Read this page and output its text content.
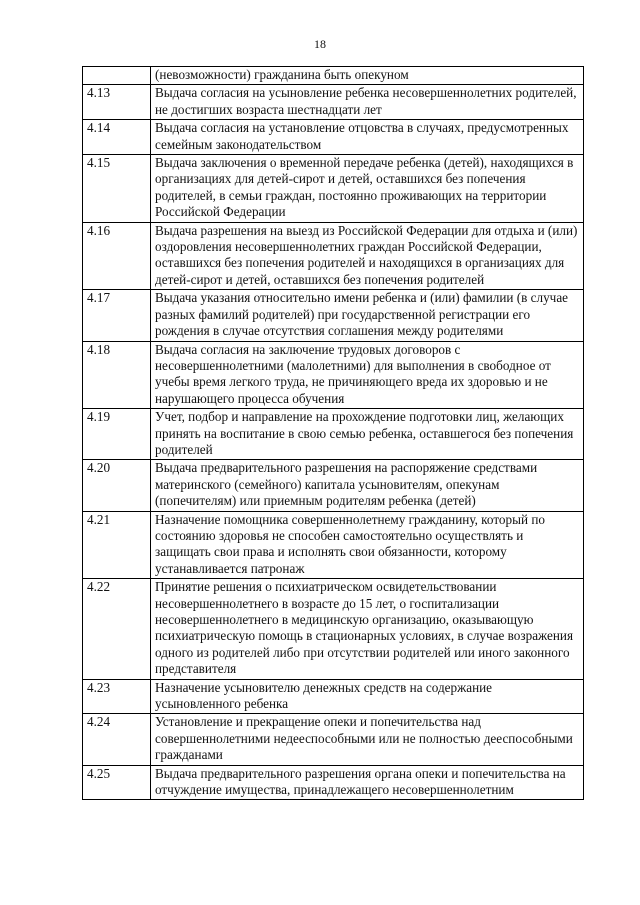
18
	(невозможности) гражданина быть опекуном
4.13	Выдача согласия на усыновление ребенка несовершеннолетних родителей, не достигших возраста шестнадцати лет
4.14	Выдача согласия на установление отцовства в случаях, предусмотренных семейным законодательством
4.15	Выдача заключения о временной передаче ребенка (детей), находящихся в организациях для детей-сирот и детей, оставшихся без попечения родителей, в семьи граждан, постоянно проживающих на территории Российской Федерации
4.16	Выдача разрешения на выезд из Российской Федерации для отдыха и (или) оздоровления несовершеннолетних граждан Российской Федерации, оставшихся без попечения родителей и находящихся в организациях для детей-сирот и детей, оставшихся без попечения родителей
4.17	Выдача указания относительно имени ребенка и (или) фамилии (в случае разных фамилий родителей) при государственной регистрации его рождения в случае отсутствия соглашения между родителями
4.18	Выдача согласия на заключение трудовых договоров с несовершеннолетними (малолетними) для выполнения в свободное от учебы время легкого труда, не причиняющего вреда их здоровью и не нарушающего процесса обучения
4.19	Учет, подбор и направление на прохождение подготовки лиц, желающих принять на воспитание в свою семью ребенка, оставшегося без попечения родителей
4.20	Выдача предварительного разрешения на распоряжение средствами материнского (семейного) капитала усыновителям, опекунам (попечителям) или приемным родителям ребенка (детей)
4.21	Назначение помощника совершеннолетнему гражданину, который по состоянию здоровья не способен самостоятельно осуществлять и защищать свои права и исполнять свои обязанности, которому устанавливается патронаж
4.22	Принятие решения о психиатрическом освидетельствовании несовершеннолетнего в возрасте до 15 лет, о госпитализации несовершеннолетнего в медицинскую организацию, оказывающую психиатрическую помощь в стационарных условиях, в случае возражения одного из родителей либо при отсутствии родителей или иного законного представителя
4.23	Назначение усыновителю денежных средств на содержание усыновленного ребенка
4.24	Установление и прекращение опеки и попечительства над совершеннолетними недееспособными или не полностью дееспособными гражданами
4.25	Выдача предварительного разрешения органа опеки и попечительства на отчуждение имущества, принадлежащего несовершеннолетним
